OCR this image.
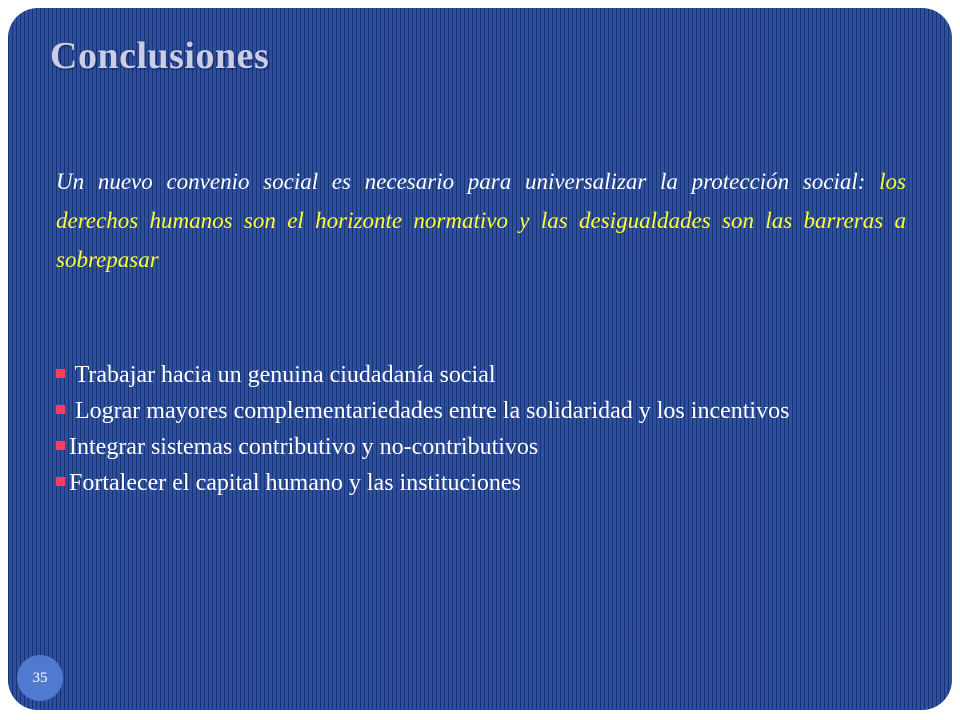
Conclusiones

Un nuevo convenio social es necesario para universalizar la protección social: los derechos humanos son el horizonte normativo y las desigualdades son las barreras a sobrepasar

Trabajar hacia un genuina ciudadanía social
Lograr mayores complementariedades entre la solidaridad y los incentivos
Integrar sistemas contributivo y no-contributivos
Fortalecer el capital humano y las instituciones
35
